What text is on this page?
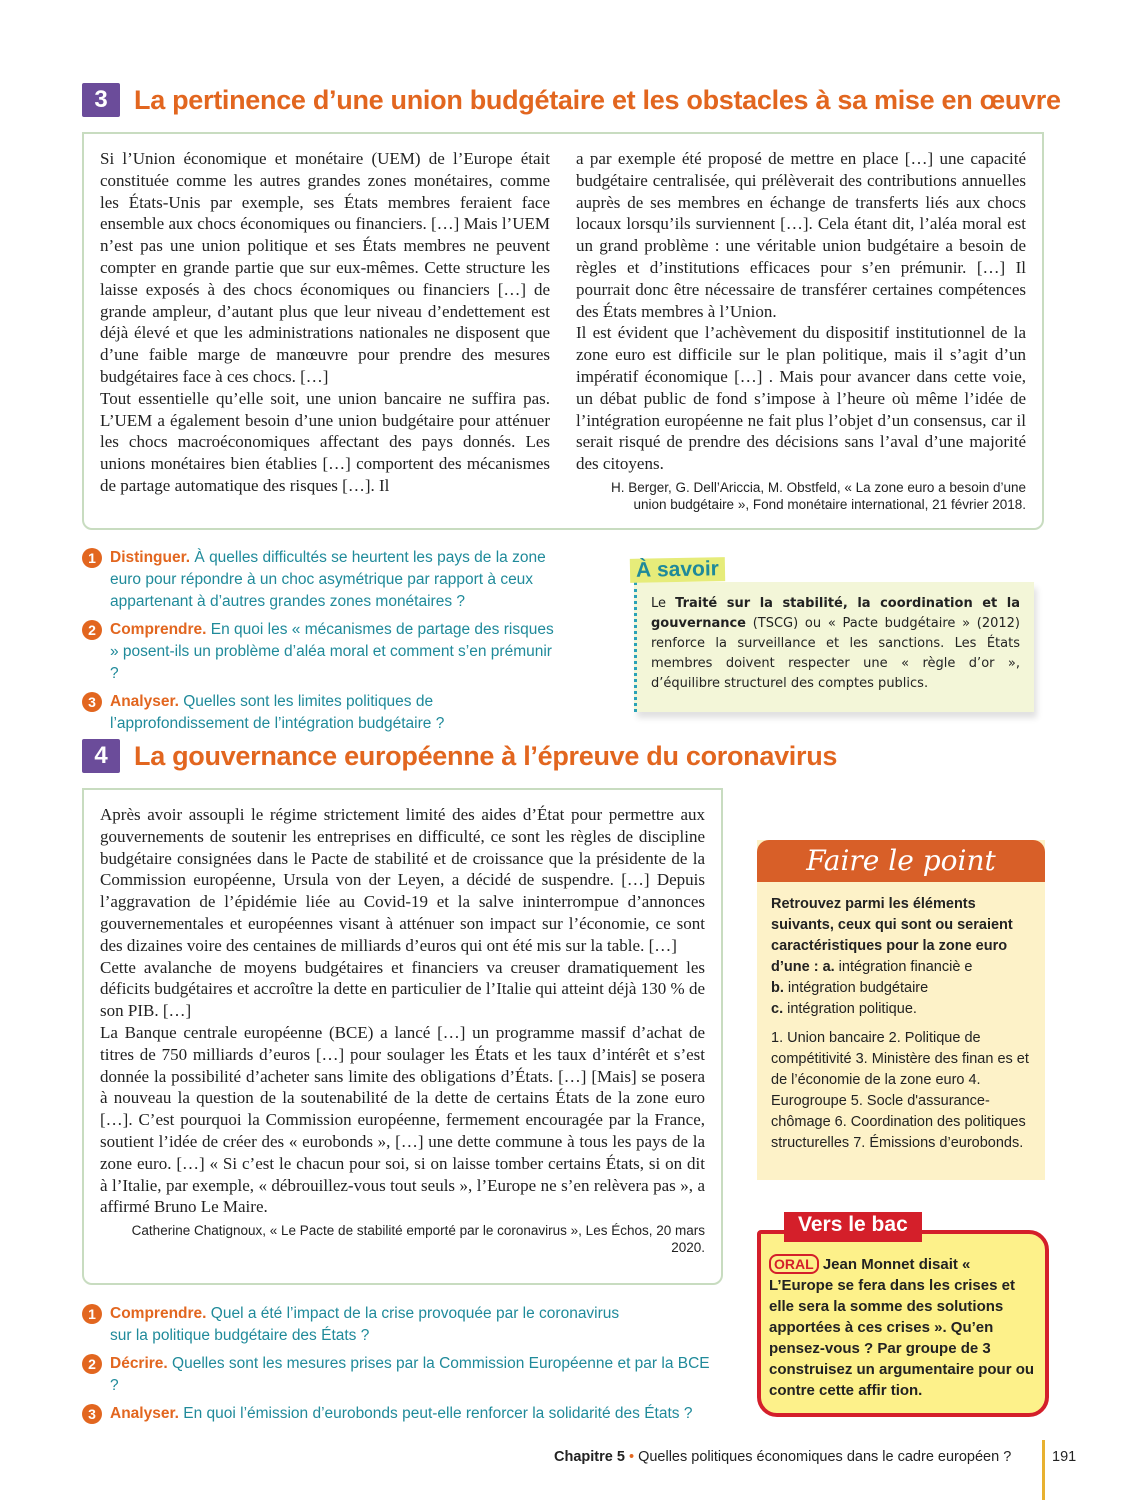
3 La pertinence d’une union budgétaire et les obstacles à sa mise en œuvre

Si l’Union économique et monétaire (UEM) de l’Europe était constituée comme les autres grandes zones monétaires, comme les États-Unis par exemple, ses États membres feraient face ensemble aux chocs économiques ou financiers. […] Mais l’UEM n’est pas une union politique et ses États membres ne peuvent compter en grande partie que sur eux-mêmes. Cette structure les laisse exposés à des chocs économiques ou financiers […] de grande ampleur, d’autant plus que leur niveau d’endettement est déjà élevé et que les administrations nationales ne disposent que d’une faible marge de manœuvre pour prendre des mesures budgétaires face à ces chocs. […]

Tout essentielle qu’elle soit, une union bancaire ne suffira pas. L’UEM a également besoin d’une union budgétaire pour atténuer les chocs macroéconomiques affectant des pays donnés. Les unions monétaires bien établies […] comportent des mécanismes de partage automatique des risques […]. Il

a par exemple été proposé de mettre en place […] une capacité budgétaire centralisée, qui prélèverait des contributions annuelles auprès de ses membres en échange de transferts liés aux chocs locaux lorsqu’ils surviennent […]. Cela étant dit, l’aléa moral est un grand problème : une véritable union budgétaire a besoin de règles et d’institutions efficaces pour s’en prémunir. […] Il pourrait donc être nécessaire de transférer certaines compétences des États membres à l’Union.

Il est évident que l’achèvement du dispositif institutionnel de la zone euro est difficile sur le plan politique, mais il s’agit d’un impératif économique […] . Mais pour avancer dans cette voie, un débat public de fond s’impose à l’heure où même l’idée de l’intégration européenne ne fait plus l’objet d’un consensus, car il serait risqué de prendre des décisions sans l’aval d’une majorité des citoyens.

H. Berger, G. Dell’Ariccia, M. Obstfeld, « La zone euro a besoin d’une union budgétaire », Fond monétaire international, 21 février 2018.

1 Distinguer. À quelles difficultés se heurtent les pays de la zone euro pour répondre à un choc asymétrique par rapport à ceux appartenant à d’autres grandes zones monétaires ?
2 Comprendre. En quoi les « mécanismes de partage des risques » posent-ils un problème d’aléa moral et comment s’en prémunir ?
3 Analyser. Quelles sont les limites politiques de l’approfondissement de l’intégration budgétaire ?
Le Traité sur la stabilité, la coordination et la gouvernance (TSCG) ou « Pacte budgétaire » (2012) renforce la surveillance et les sanctions. Les États membres doivent respecter une « règle d’or », d’équilibre structurel des comptes publics.
À savoir
4 La gouvernance européenne à l’épreuve du coronavirus

Après avoir assoupli le régime strictement limité des aides d’État pour permettre aux gouvernements de soutenir les entreprises en difficulté, ce sont les règles de discipline budgétaire consignées dans le Pacte de stabilité et de croissance que la présidente de la Commission européenne, Ursula von der Leyen, a décidé de suspendre. […] Depuis l’aggravation de l’épidémie liée au Covid-19 et la salve ininterrompue d’annonces gouvernementales et européennes visant à atténuer son impact sur l’économie, ce sont des dizaines voire des centaines de milliards d’euros qui ont été mis sur la table. […]

Cette avalanche de moyens budgétaires et financiers va creuser dramatiquement les déficits budgétaires et accroître la dette en particulier de l’Italie qui atteint déjà 130 % de son PIB. […]

La Banque centrale européenne (BCE) a lancé […] un programme massif d’achat de titres de 750 milliards d’euros […] pour soulager les États et les taux d’intérêt et s’est donnée la possibilité d’acheter sans limite des obligations d’États. […] [Mais] se posera à nouveau la question de la soutenabilité de la dette de certains États de la zone euro […]. C’est pourquoi la Commission européenne, fermement encouragée par la France, soutient l’idée de créer des « eurobonds », […] une dette commune à tous les pays de la zone euro. […] « Si c’est le chacun pour soi, si on laisse tomber certains États, si on dit à l’Italie, par exemple, « débrouillez-vous tout seuls », l’Europe ne s’en relèvera pas », a affirmé Bruno Le Maire.

Catherine Chatignoux, « Le Pacte de stabilité emporté par le coronavirus », Les Échos, 20 mars 2020.

1 Comprendre. Quel a été l’impact de la crise provoquée par le coronavirus sur la politique budgétaire des États ?
2 Décrire. Quelles sont les mesures prises par la Commission Européenne et par la BCE ?
3 Analyser. En quoi l’émission d’eurobonds peut-elle renforcer la solidarité des États ?
Faire le point

Retrouvez parmi les éléments suivants, ceux qui sont ou seraient caractéristiques pour la zone euro d’une : a. intégration financiè e
b. intégration budgétaire
c. intégration politique.

1. Union bancaire 2. Politique de compétitivité 3. Ministère des finan es et de l’économie de la zone euro 4. Eurogroupe 5. Socle d'assurance-chômage 6. Coordination des politiques structurelles 7. Émissions d’eurobonds.

ORAL Jean Monnet disait « L’Europe se fera dans les crises et elle sera la somme des solutions apportées à ces crises ». Qu’en pensez-vous ? Par groupe de 3 construisez un argumentaire pour ou contre cette affir tion.
Vers le bac
Chapitre 5 • Quelles politiques économiques dans le cadre européen ?	191
